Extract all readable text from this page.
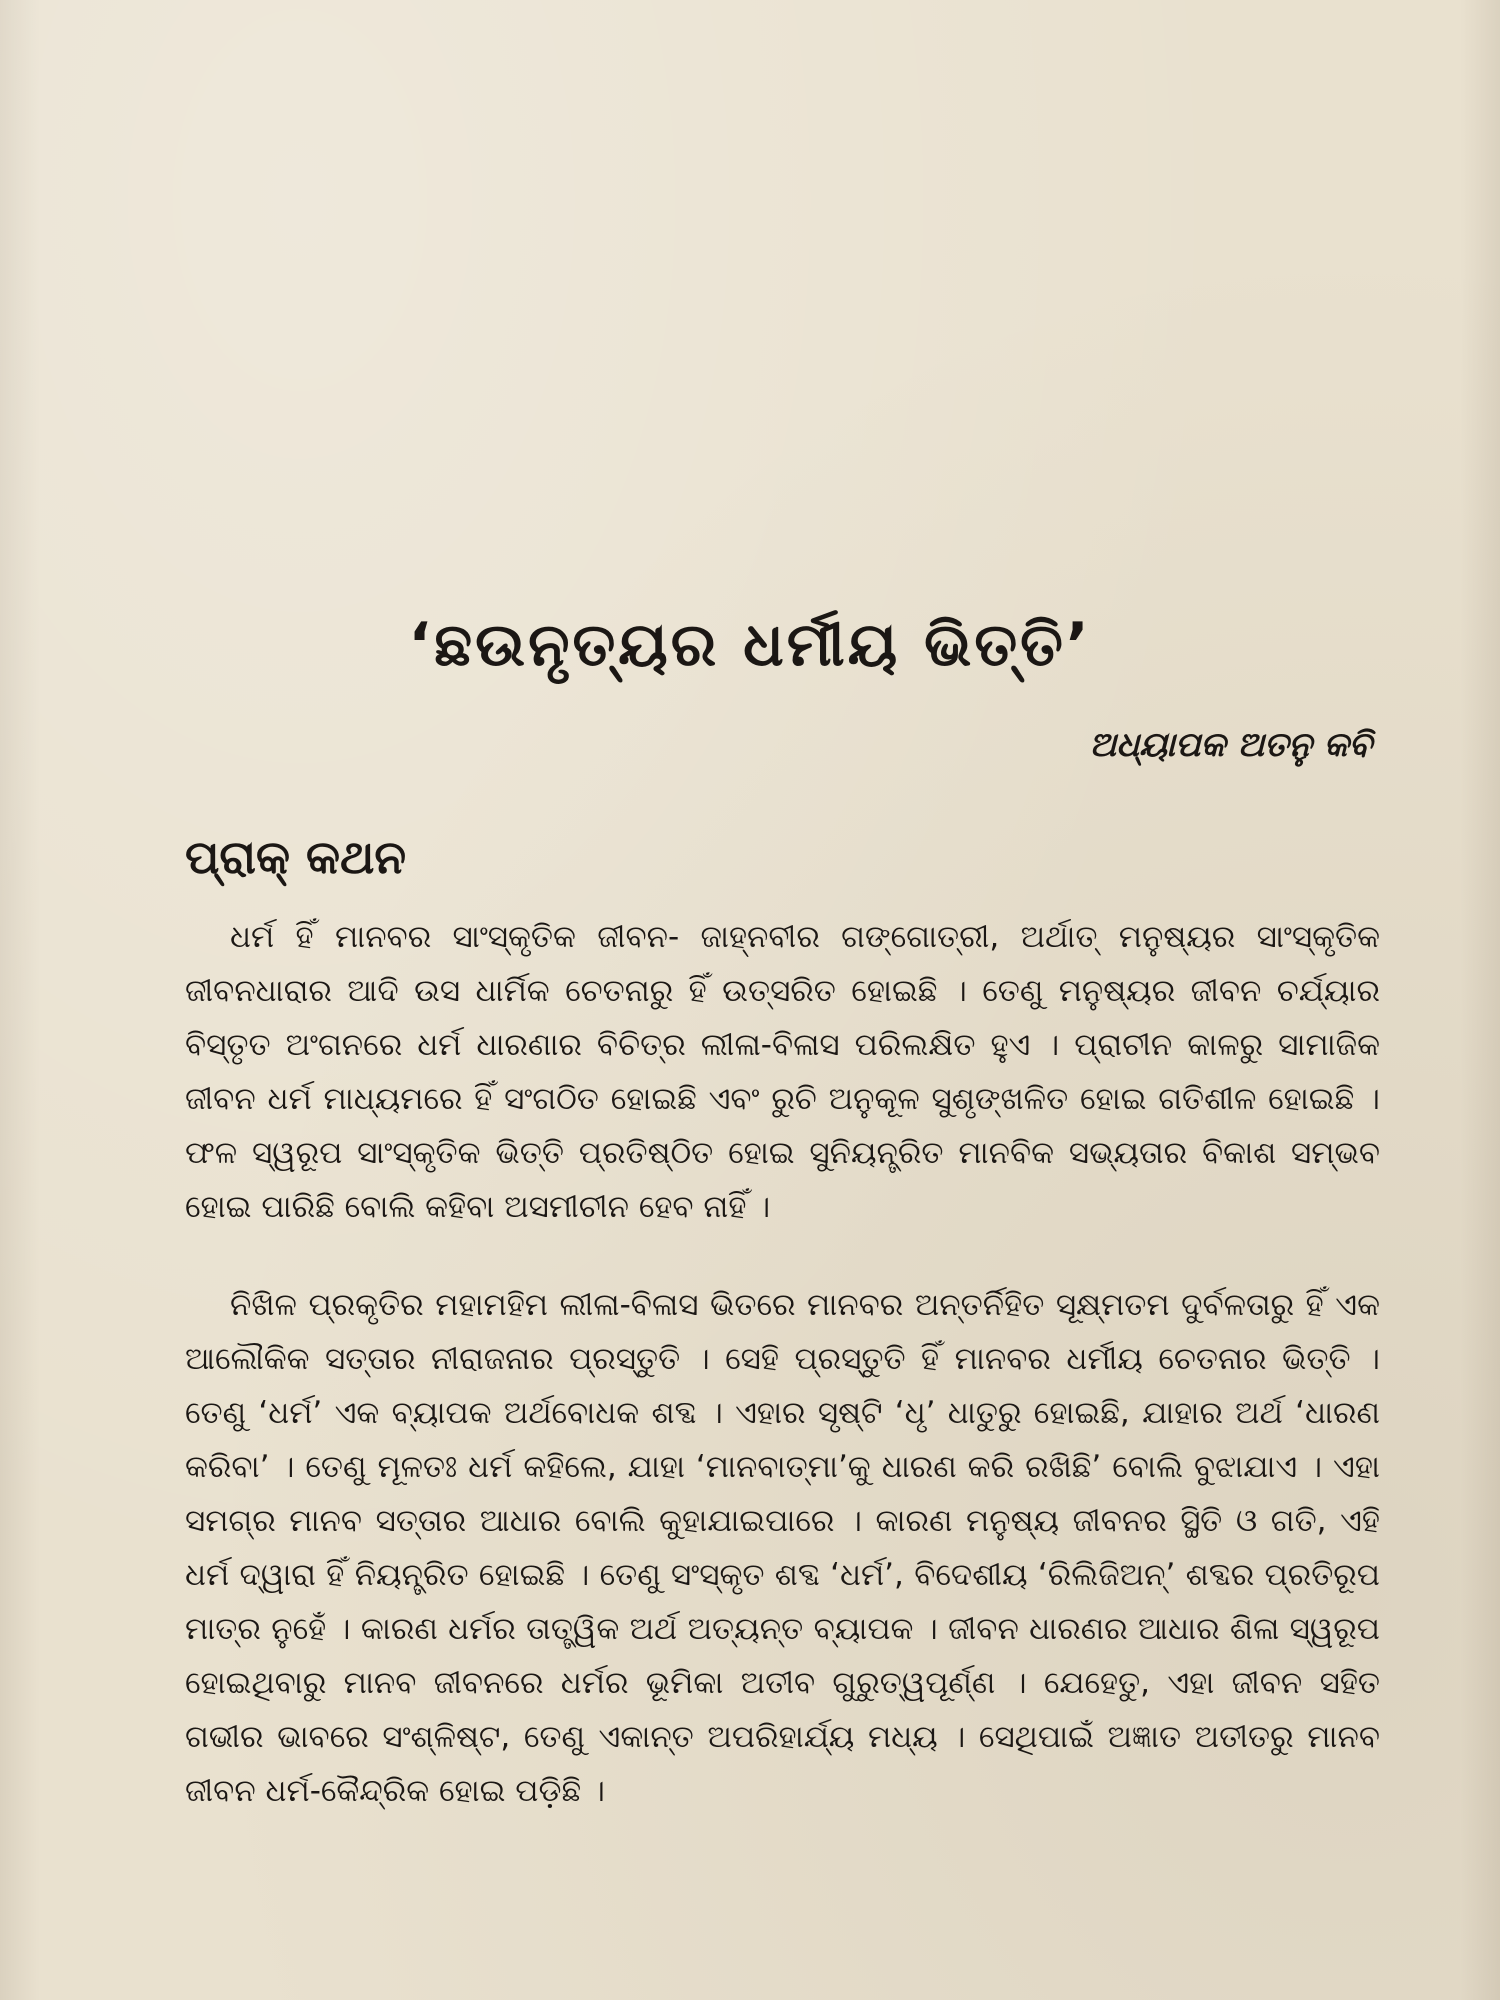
‘ଛଉନୃତ୍ୟର ଧର୍ମୀୟ ଭିତ୍ତି’

ଅଧ୍ୟାପକ ଅତନୁ କବି

ପ୍ରାକ୍ କଥନ

ଧର୍ମ ହିଁ ମାନବର ସାଂସ୍କୃତିକ ଜୀବନ- ଜାହ୍ନବୀର ଗଙ୍ଗୋତ୍ରୀ, ଅର୍ଥାତ୍ ମନୁଷ୍ୟର ସାଂସ୍କୃତିକ ଜୀବନଧାରାର ଆଦି ଉସ ଧାର୍ମିକ ଚେତନାରୁ ହିଁ ଉତ୍ସରିତ ହୋଇଛି । ତେଣୁ ମନୁଷ୍ୟର ଜୀବନ ଚର୍ଯ୍ୟାର ବିସ୍ତୃତ ଅଂଗନରେ ଧର୍ମ ଧାରଣାର ବିଚିତ୍ର ଲୀଳା-ବିଳାସ ପରିଲକ୍ଷିତ ହୁଏ । ପ୍ରାଚୀନ କାଳରୁ ସାମାଜିକ ଜୀବନ ଧର୍ମ ମାଧ୍ୟମରେ ହିଁ ସଂଗଠିତ ହୋଇଛି ଏବଂ ରୁଚି ଅନୁକୂଳ ସୁଶୃଙ୍ଖଳିତ ହୋଇ ଗତିଶୀଳ ହୋଇଛି । ଫଳ ସ୍ୱରୂପ ସାଂସ୍କୃତିକ ଭିତ୍ତି ପ୍ରତିଷ୍ଠିତ ହୋଇ ସୁନିୟନ୍ତ୍ରିତ ମାନବିକ ସଭ୍ୟତାର ବିକାଶ ସମ୍ଭବ ହୋଇ ପାରିଛି ବୋଲି କହିବା ଅସମୀଚୀନ ହେବ ନାହିଁ ।

ନିଖିଳ ପ୍ରକୃତିର ମହାମହିମ ଲୀଳା-ବିଳାସ ଭିତରେ ମାନବର ଅନ୍ତର୍ନିହିତ ସୂକ୍ଷ୍ମତମ ଦୁର୍ବଳତାରୁ ହିଁ ଏକ ଆଲୌକିକ ସତ୍ତାର ନୀରାଜନାର ପ୍ରସ୍ତୁତି । ସେହି ପ୍ରସ୍ତୁତି ହିଁ ମାନବର ଧର୍ମୀୟ ଚେତନାର ଭିତ୍ତି । ତେଣୁ ‘ଧର୍ମ’ ଏକ ବ୍ୟାପକ ଅର୍ଥବୋଧକ ଶବ୍ଦ । ଏହାର ସୃଷ୍ଟି ‘ଧୃ’ ଧାତୁରୁ ହୋଇଛି, ଯାହାର ଅର୍ଥ ‘ଧାରଣ କରିବା’ । ତେଣୁ ମୂଳତଃ ଧର୍ମ କହିଲେ, ଯାହା ‘ମାନବାତ୍ମା’କୁ ଧାରଣ କରି ରଖିଛି’ ବୋଲି ବୁଝାଯାଏ । ଏହା ସମଗ୍ର ମାନବ ସତ୍ତାର ଆଧାର ବୋଲି କୁହାଯାଇପାରେ । କାରଣ ମନୁଷ୍ୟ ଜୀବନର ସ୍ଥିତି ଓ ଗତି, ଏହି ଧର୍ମ ଦ୍ୱାରା ହିଁ ନିୟନ୍ତ୍ରିତ ହୋଇଛି । ତେଣୁ ସଂସ୍କୃତ ଶବ୍ଦ ‘ଧର୍ମ’, ବିଦେଶୀୟ ‘ରିଲିଜିଅନ୍’ ଶବ୍ଦର ପ୍ରତିରୂପ ମାତ୍ର ନୁହେଁ । କାରଣ ଧର୍ମର ତାତ୍ତ୍ୱିକ ଅର୍ଥ ଅତ୍ୟନ୍ତ ବ୍ୟାପକ । ଜୀବନ ଧାରଣର ଆଧାର ଶିଳା ସ୍ୱରୂପ ହୋଇଥିବାରୁ ମାନବ ଜୀବନରେ ଧର୍ମର ଭୂମିକା ଅତୀବ ଗୁରୁତ୍ୱପୂର୍ଣ୍ଣ । ଯେହେତୁ, ଏହା ଜୀବନ ସହିତ ଗଭୀର ଭାବରେ ସଂଶ୍ଳିଷ୍ଟ, ତେଣୁ ଏକାନ୍ତ ଅପରିହାର୍ଯ୍ୟ ମଧ୍ୟ । ସେଥିପାଇଁ ଅଜ୍ଞାତ ଅତୀତରୁ ମାନବ ଜୀବନ ଧର୍ମ-କୈନ୍ଦ୍ରିକ ହୋଇ ପଡ଼ିଛି ।
